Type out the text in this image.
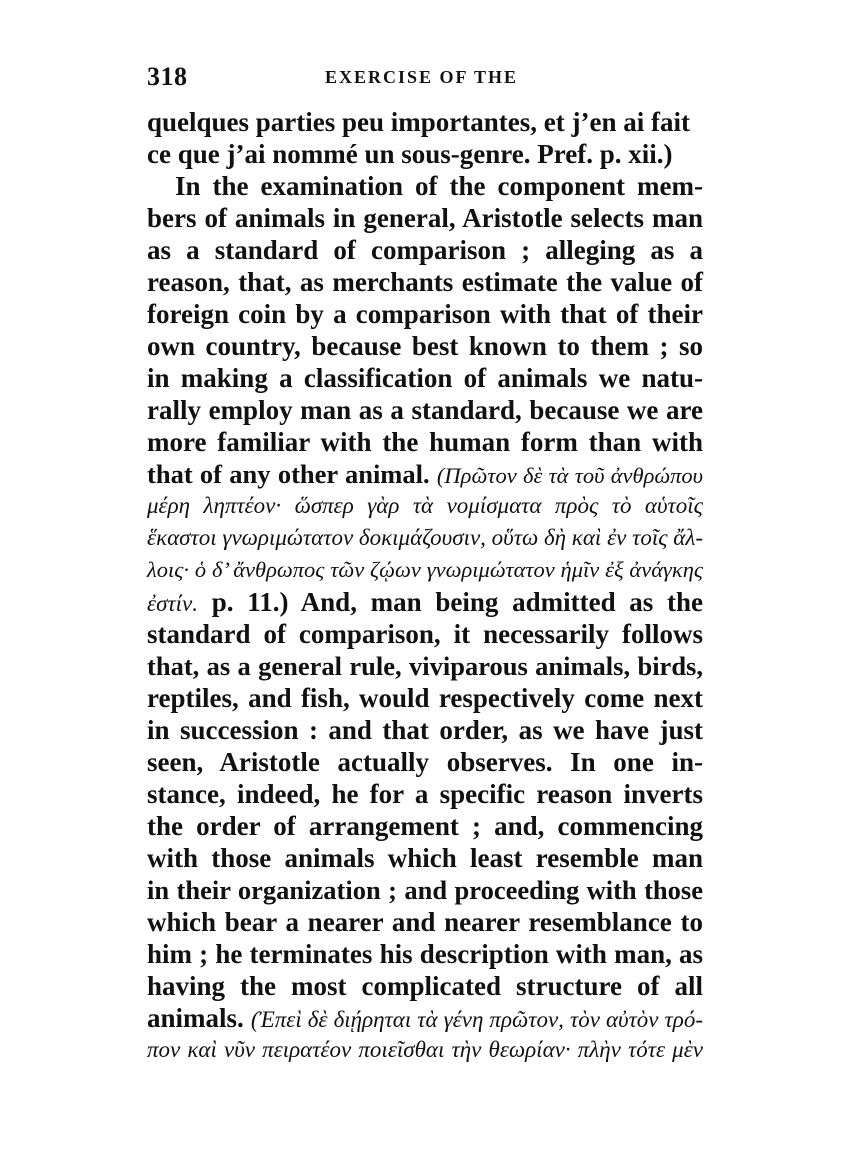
318	EXERCISE OF THE
quelques parties peu importantes, et j’en ai fait
ce que j’ai nommé un sous-genre. Pref. p. xii.)
In the examination of the component mem-
bers of animals in general, Aristotle selects man
as a standard of comparison ; alleging as a
reason, that, as merchants estimate the value of
foreign coin by a comparison with that of their
own country, because best known to them ; so
in making a classification of animals we natu-
rally employ man as a standard, because we are
more familiar with the human form than with
that of any other animal. (Πρῶτον δὲ τὰ τοῦ ἀνθρώπου
μέρη ληπτέον· ὥσπερ γὰρ τὰ νομίσματα πρὸς τὸ αὑτοῖς
ἕκαστοι γνωριμώτατον δοκιμάζουσιν, οὕτω δὴ καὶ ἐν τοῖς ἄλ-
λοις· ὁ δ’ ἄνθρωπος τῶν ζῴων γνωριμώτατον ἡμῖν ἐξ ἀνάγκης
ἐστίν. p. 11.) And, man being admitted as the
standard of comparison, it necessarily follows
that, as a general rule, viviparous animals, birds,
reptiles, and fish, would respectively come next
in succession : and that order, as we have just
seen, Aristotle actually observes. In one in-
stance, indeed, he for a specific reason inverts
the order of arrangement ; and, commencing
with those animals which least resemble man
in their organization ; and proceeding with those
which bear a nearer and nearer resemblance to
him ; he terminates his description with man, as
having the most complicated structure of all
animals. (Ἐπεὶ δὲ διῄρηται τὰ γένη πρῶτον, τὸν αὐτὸν τρό-
πον καὶ νῦν πειρατέον ποιεῖσθαι τὴν θεωρίαν· πλὴν τότε μὲν
